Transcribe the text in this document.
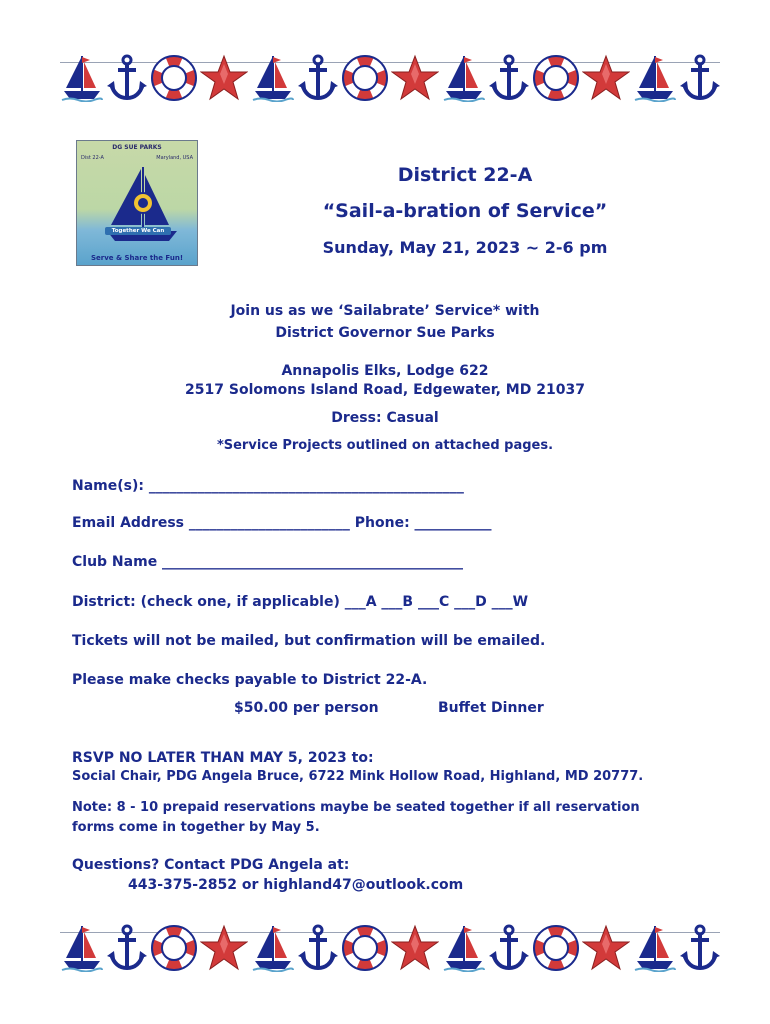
DG SUE PARKS
Dist 22-A	Maryland, USA
Together We Can
Serve & Share the Fun!
District 22-A
“Sail-a-bration of Service”
Sunday, May 21, 2023 ~ 2-6 pm
Join us as we ‘Sailabrate’ Service* with
District Governor Sue Parks
Annapolis Elks, Lodge 622
2517 Solomons Island Road, Edgewater, MD 21037
Dress: Casual
*Service Projects outlined on attached pages.
Name(s): _____________________________________________
Email Address _______________________ Phone: ___________
Club Name ___________________________________________
District: (check one, if applicable) ___A ___B ___C ___D ___W
Tickets will not be mailed, but confirmation will be emailed.
Please make checks payable to District 22-A.
$50.00 per person	Buffet Dinner
RSVP NO LATER THAN MAY 5, 2023 to:
Social Chair, PDG Angela Bruce, 6722 Mink Hollow Road, Highland, MD 20777.
Note: 8 - 10 prepaid reservations maybe be seated together if all reservation
forms come in together by May 5.
Questions? Contact PDG Angela at:
443-375-2852 or highland47@outlook.com
